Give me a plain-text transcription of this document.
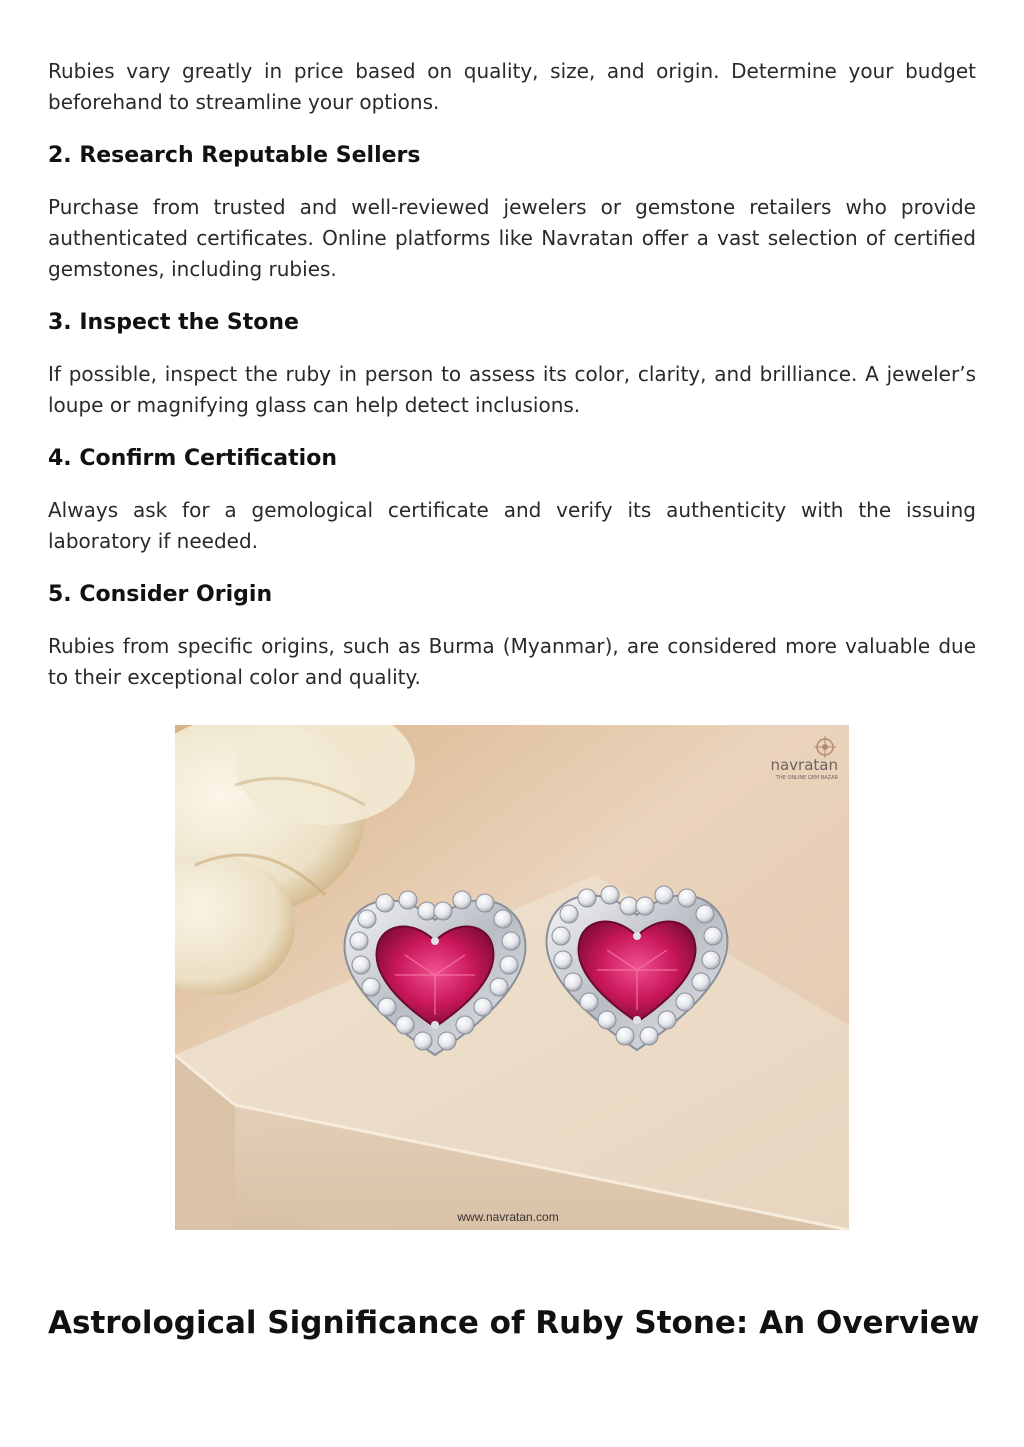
Rubies vary greatly in price based on quality, size, and origin. Determine your budget beforehand to streamline your options.

2. Research Reputable Sellers

Purchase from trusted and well-reviewed jewelers or gemstone retailers who provide authenticated certificates. Online platforms like Navratan offer a vast selection of certified gemstones, including rubies.

3. Inspect the Stone

If possible, inspect the ruby in person to assess its color, clarity, and brilliance. A jeweler’s loupe or magnifying glass can help detect inclusions.

4. Confirm Certification

Always ask for a gemological certificate and verify its authenticity with the issuing laboratory if needed.

5. Consider Origin

Rubies from specific origins, such as Burma (Myanmar), are considered more valuable due to their exceptional color and quality.

navratan
THE ONLINE GEM BAZAR
www.navratan.com
Astrological Significance of Ruby Stone: An Overview
